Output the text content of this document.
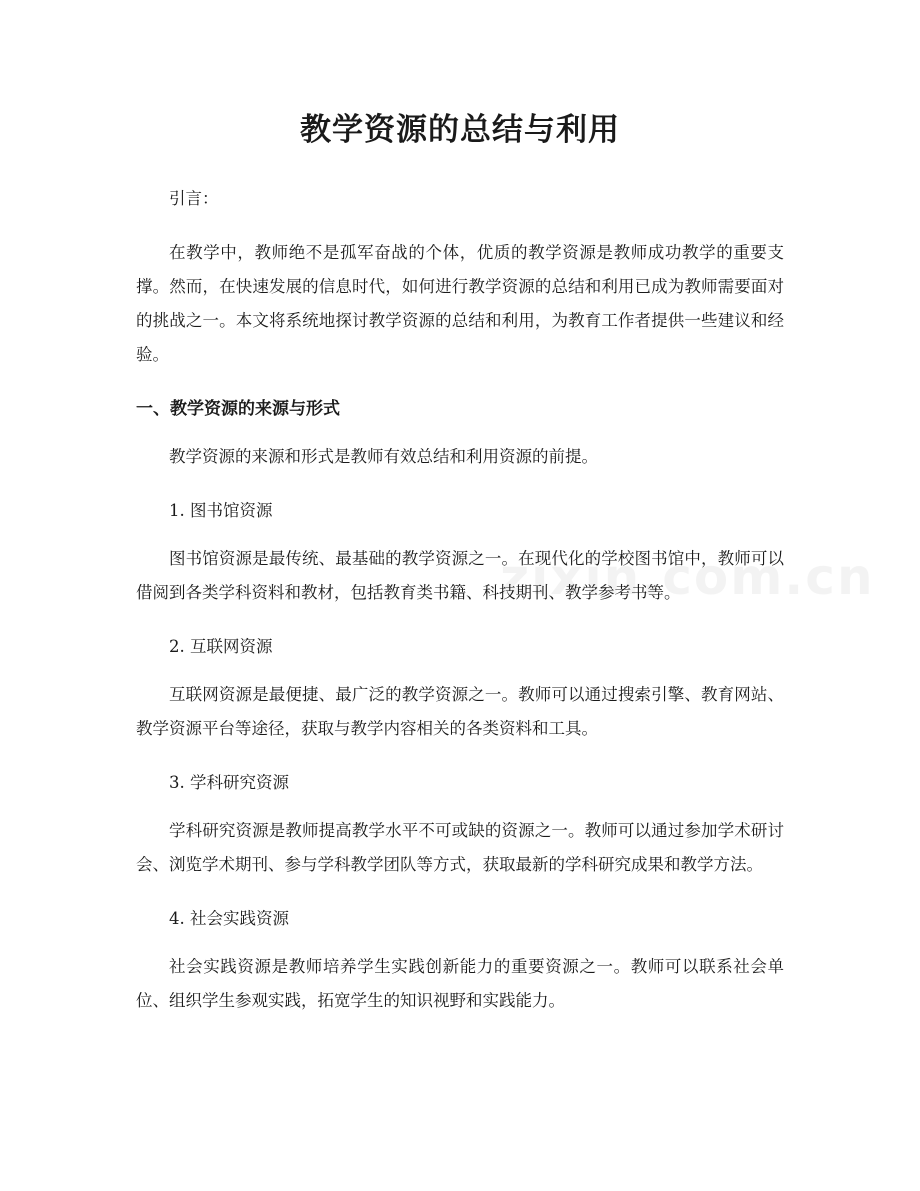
教学资源的总结与利用

引言：

在教学中，教师绝不是孤军奋战的个体，优质的教学资源是教师成功教学的重要支撑。然而，在快速发展的信息时代，如何进行教学资源的总结和利用已成为教师需要面对的挑战之一。本文将系统地探讨教学资源的总结和利用，为教育工作者提供一些建议和经验。

一、教学资源的来源与形式

教学资源的来源和形式是教师有效总结和利用资源的前提。

1. 图书馆资源

图书馆资源是最传统、最基础的教学资源之一。在现代化的学校图书馆中，教师可以借阅到各类学科资料和教材，包括教育类书籍、科技期刊、教学参考书等。

2. 互联网资源

互联网资源是最便捷、最广泛的教学资源之一。教师可以通过搜索引擎、教育网站、教学资源平台等途径，获取与教学内容相关的各类资料和工具。

3. 学科研究资源

学科研究资源是教师提高教学水平不可或缺的资源之一。教师可以通过参加学术研讨会、浏览学术期刊、参与学科教学团队等方式，获取最新的学科研究成果和教学方法。

4. 社会实践资源

社会实践资源是教师培养学生实践创新能力的重要资源之一。教师可以联系社会单位、组织学生参观实践，拓宽学生的知识视野和实践能力。
